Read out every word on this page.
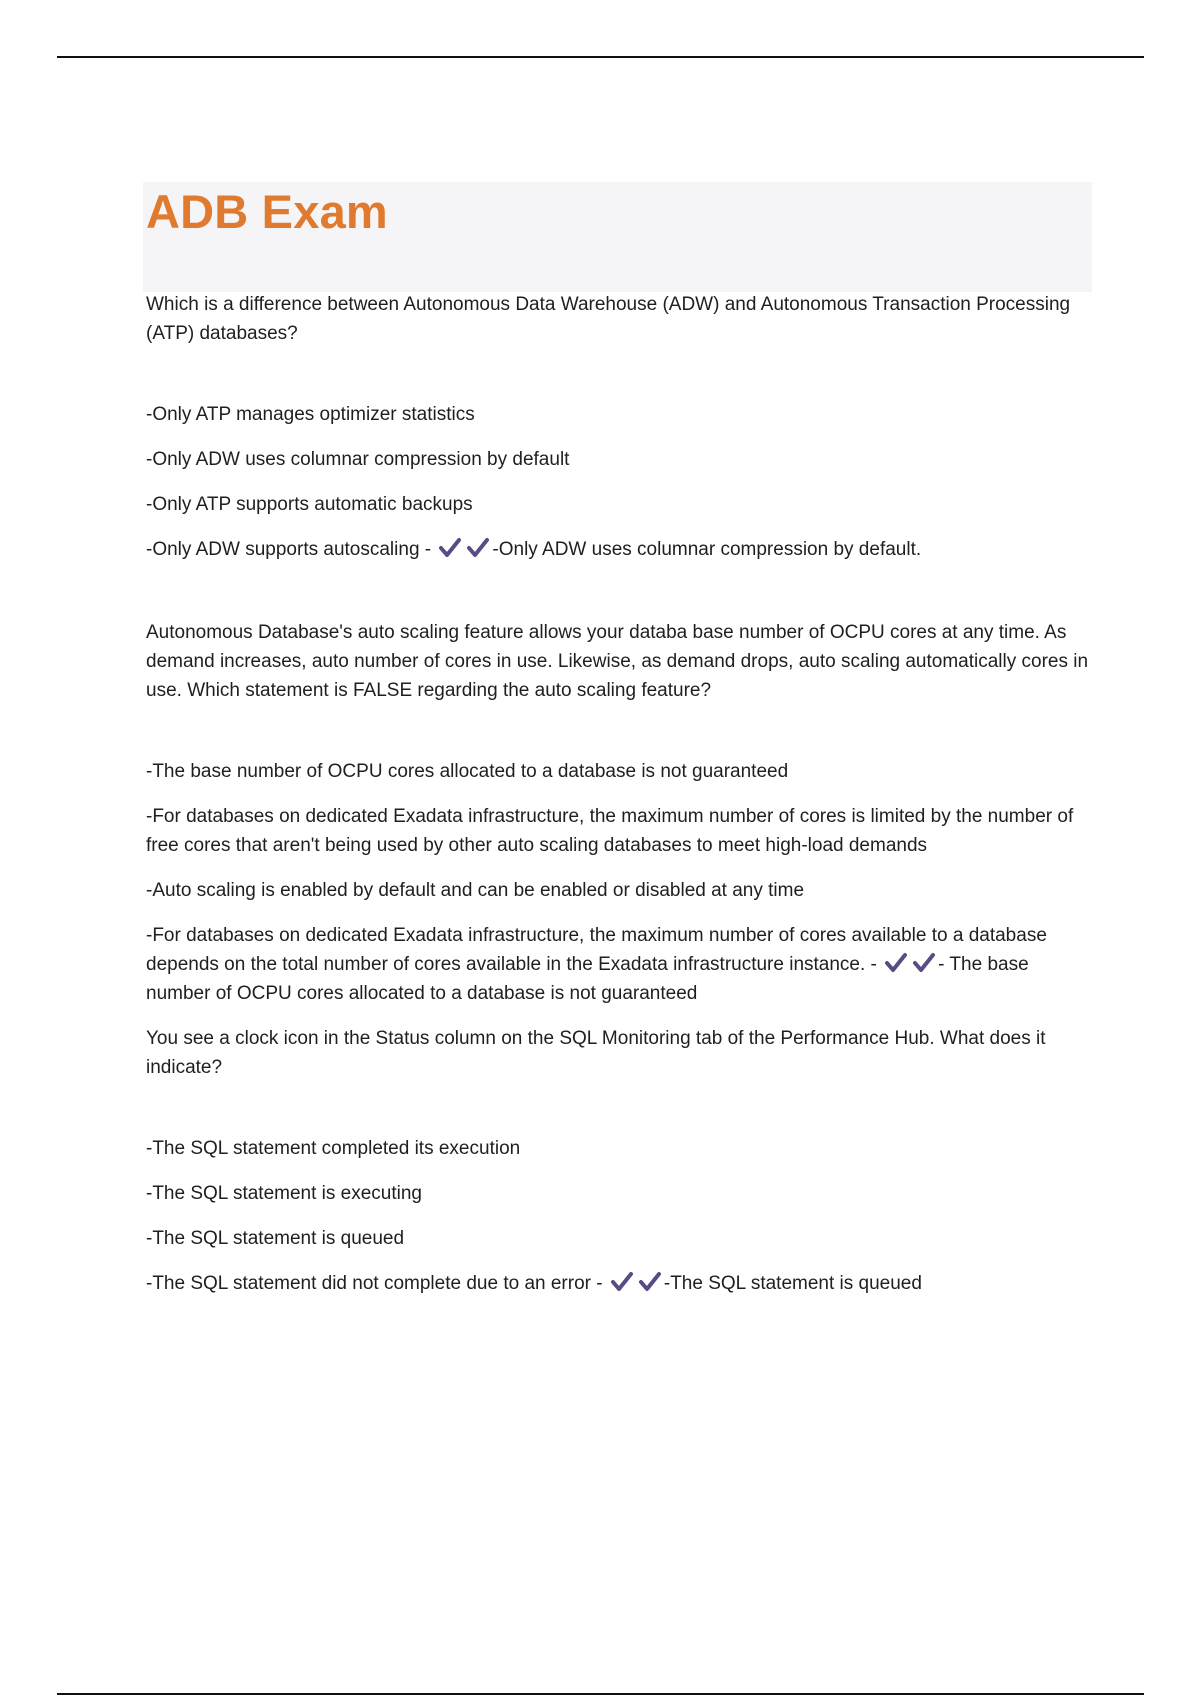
ADB Exam

Which is a difference between Autonomous Data Warehouse (ADW) and Autonomous Transaction Processing (ATP) databases?

-Only ATP manages optimizer statistics

-Only ADW uses columnar compression by default

-Only ATP supports automatic backups

-Only ADW supports autoscaling -	-Only ADW uses columnar compression by default.

Autonomous Database's auto scaling feature allows your databa base number of OCPU cores at any time. As demand increases, auto number of cores in use. Likewise, as demand drops, auto scaling automatically cores in use. Which statement is FALSE regarding the auto scaling feature?

-The base number of OCPU cores allocated to a database is not guaranteed

-For databases on dedicated Exadata infrastructure, the maximum number of cores is limited by the number of free cores that aren't being used by other auto scaling databases to meet high-load demands

-Auto scaling is enabled by default and can be enabled or disabled at any time

-For databases on dedicated Exadata infrastructure, the maximum number of cores available to a database depends on the total number of cores available in the Exadata infrastructure instance. -	- The base number of OCPU cores allocated to a database is not guaranteed

You see a clock icon in the Status column on the SQL Monitoring tab of the Performance Hub. What does it indicate?

-The SQL statement completed its execution

-The SQL statement is executing

-The SQL statement is queued

-The SQL statement did not complete due to an error -	-The SQL statement is queued
